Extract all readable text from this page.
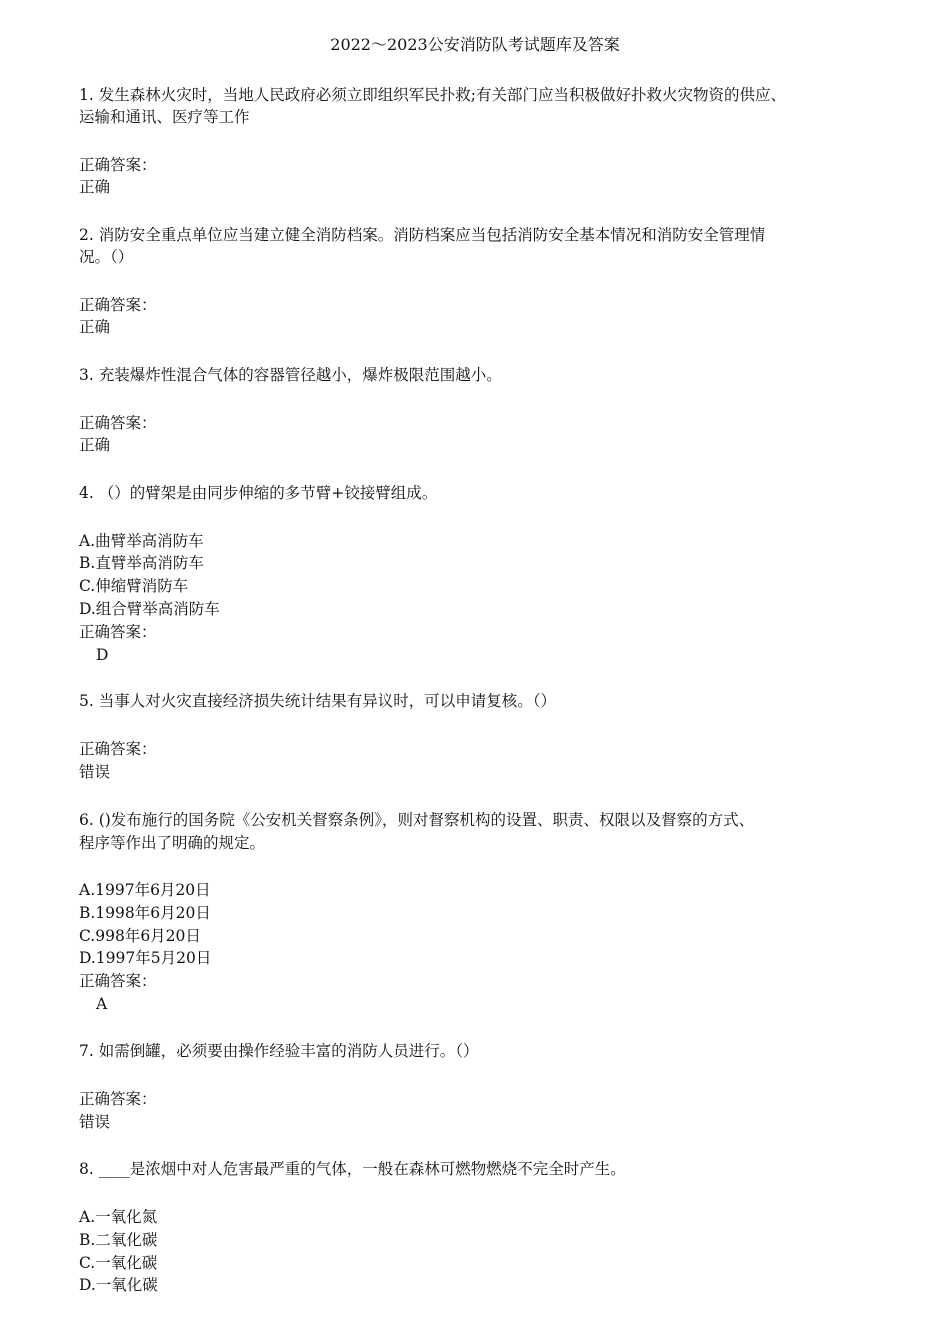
2022～2023公安消防队考试题库及答案
1. 发生森林火灾时，当地人民政府必须立即组织军民扑救;有关部门应当积极做好扑救火灾物资的供应、
运输和通讯、医疗等工作
正确答案：
正确
2. 消防安全重点单位应当建立健全消防档案。消防档案应当包括消防安全基本情况和消防安全管理情
况。（）
正确答案：
正确
3. 充装爆炸性混合气体的容器管径越小，爆炸极限范围越小。
正确答案：
正确
4. （）的臂架是由同步伸缩的多节臂+铰接臂组成。
A.曲臂举高消防车
B.直臂举高消防车
C.伸缩臂消防车
D.组合臂举高消防车
正确答案：
D
5. 当事人对火灾直接经济损失统计结果有异议时，可以申请复核。（）
正确答案：
错误
6. ()发布施行的国务院《公安机关督察条例》，则对督察机构的设置、职责、权限以及督察的方式、
程序等作出了明确的规定。
A.1997年6月20日
B.1998年6月20日
C.998年6月20日
D.1997年5月20日
正确答案：
A
7. 如需倒罐，必须要由操作经验丰富的消防人员进行。（）
正确答案：
错误
8. ____是浓烟中对人危害最严重的气体，一般在森林可燃物燃烧不完全时产生。
A.一氧化氮
B.二氧化碳
C.一氧化碳
D.一氧化碳
